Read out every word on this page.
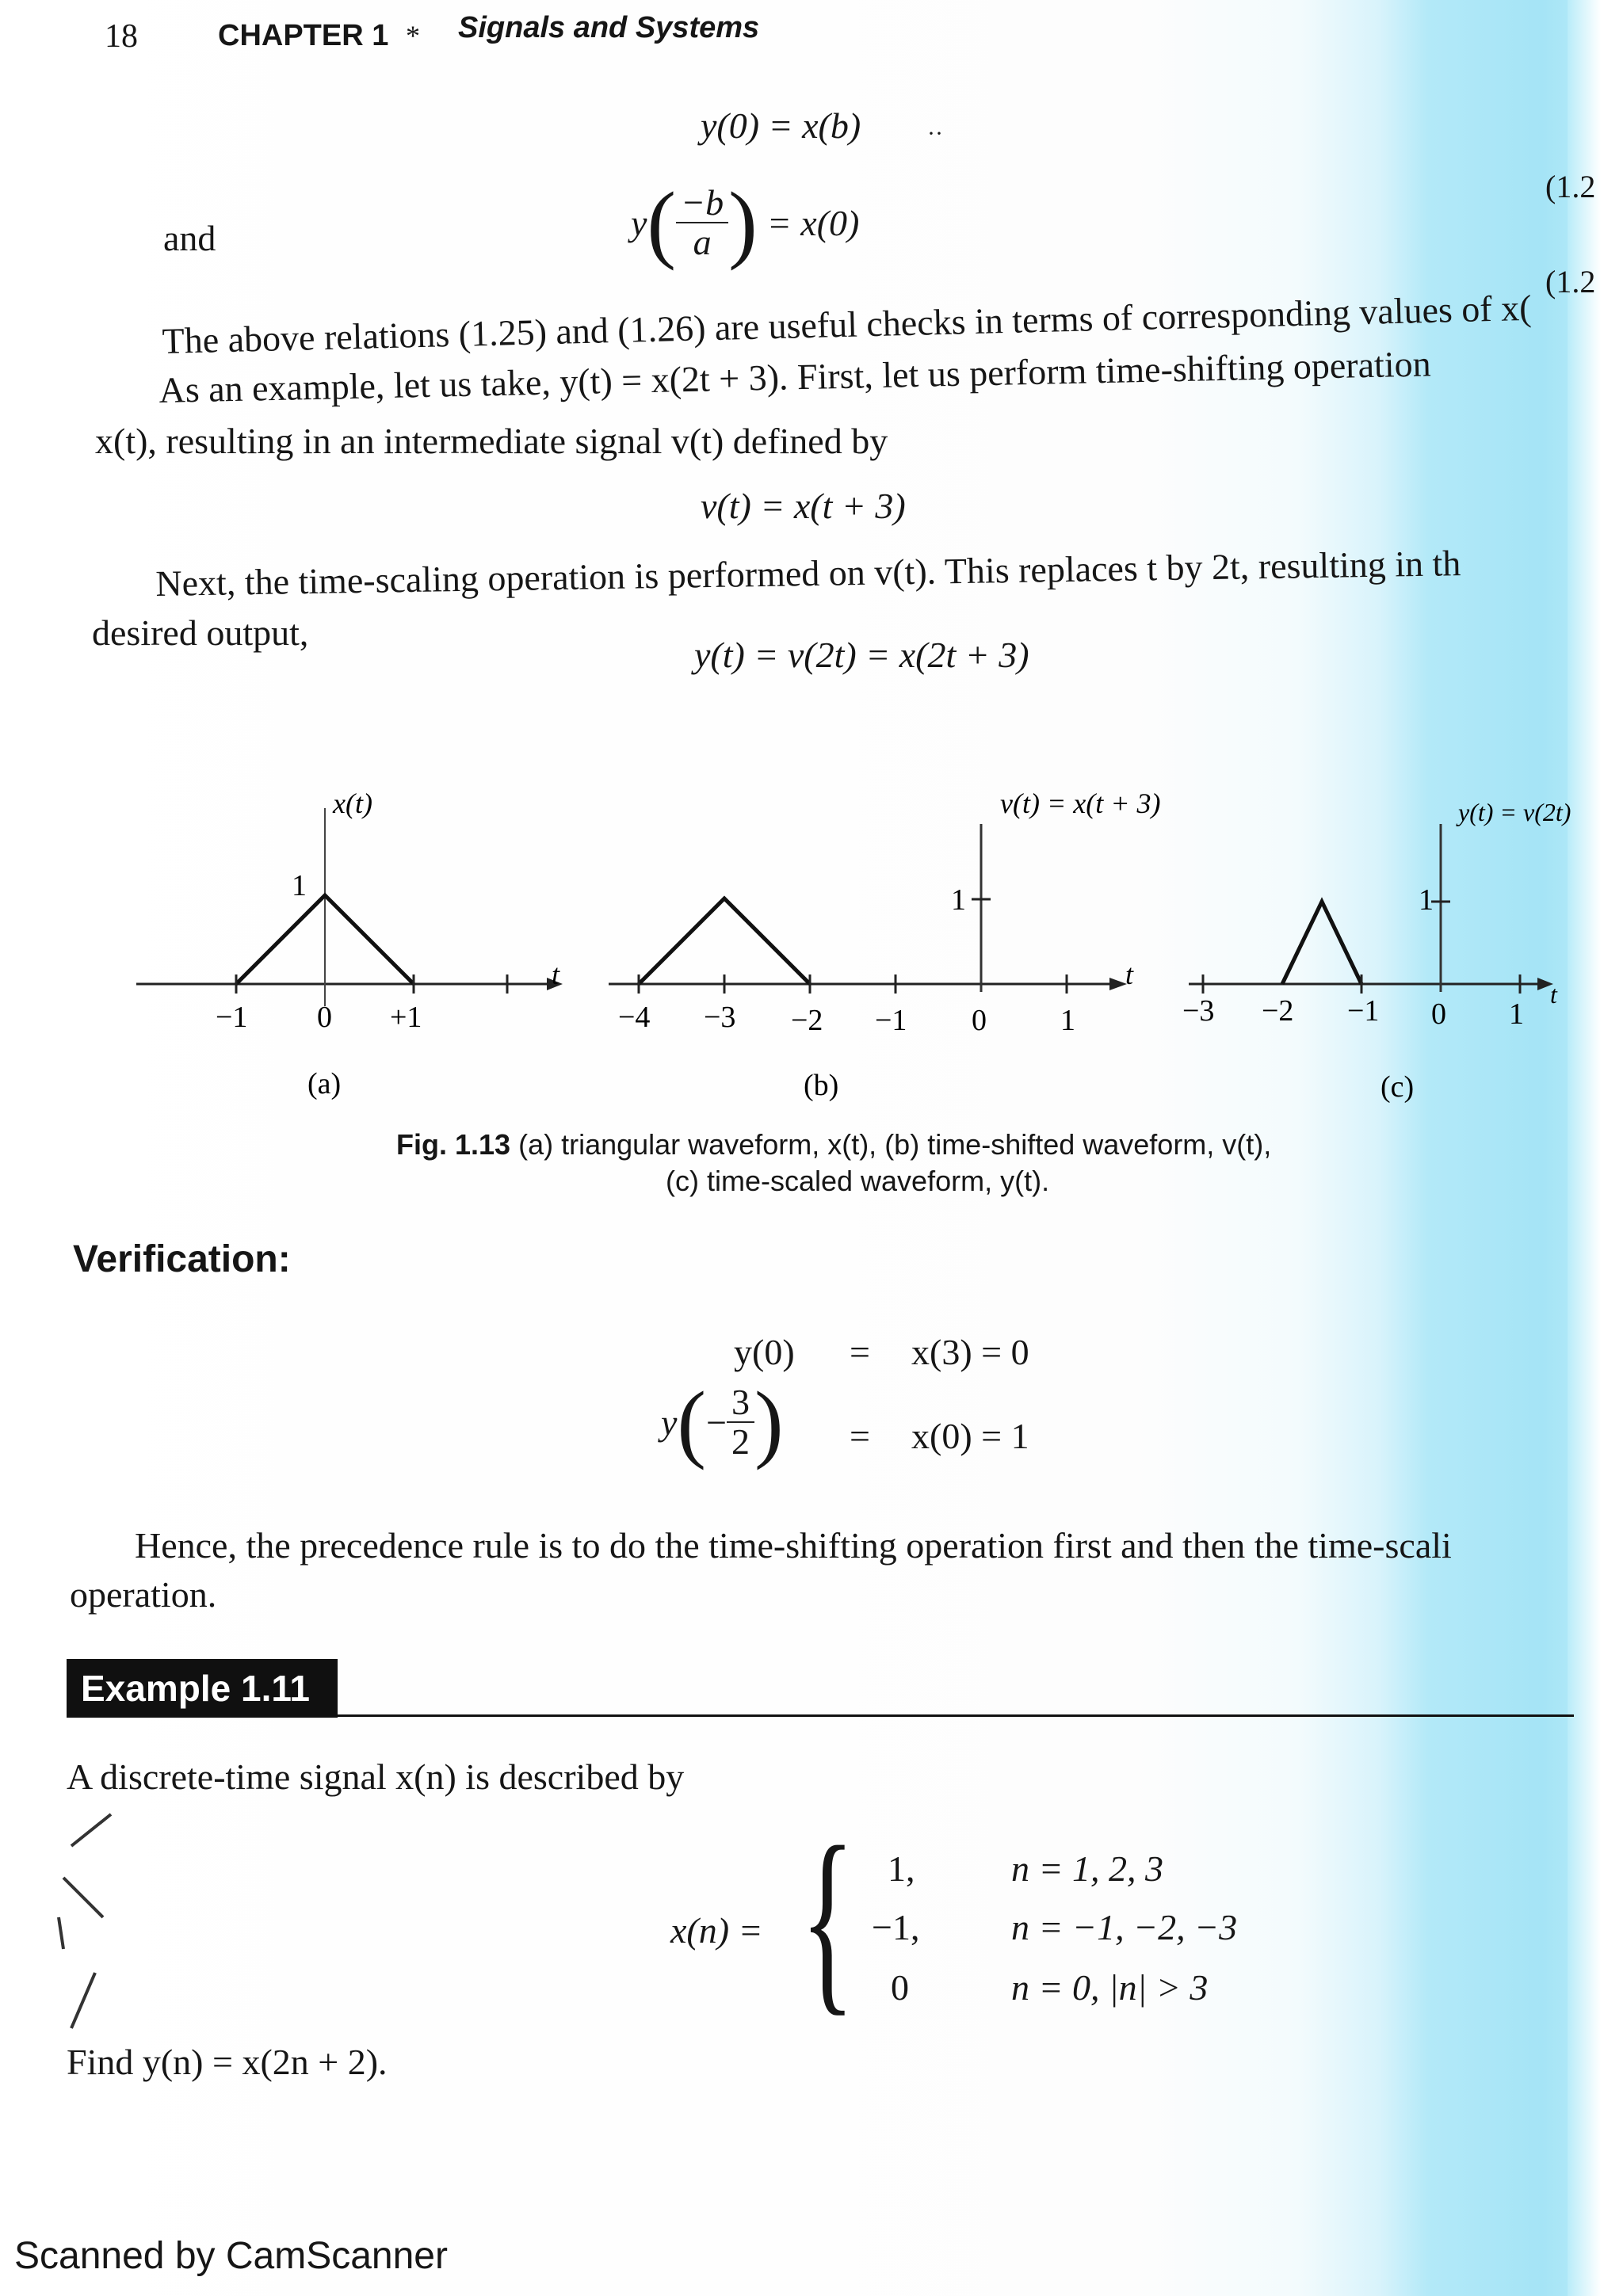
18	CHAPTER 1 * Signals and Systems
y(0) = x(b)	··
(1.2
and	y ( $\frac{-b}{a}$ ) = x(0)
(1.2
The above relations (1.25) and (1.26) are useful checks in terms of corresponding values of x(
As an example, let us take, y(t) = x(2t + 3). First, let us perform time-shifting operation
x(t), resulting in an intermediate signal v(t) defined by
v(t) = x(t + 3)
Next, the time-scaling operation is performed on v(t). This replaces t by 2t, resulting in th
desired output,
y(t) = v(2t) = x(2t + 3)
x(t)
1
t
−1 0 +1
(a)
v(t) = x(t + 3)
1
t
−4 −3 −2 −1 0 1
(b)
y(t) = v(2t)
1
t
−3 −2 −1 0 1
(c)
Fig. 1.13 (a) triangular waveform, x(t), (b) time-shifted waveform, v(t),
(c) time-scaled waveform, y(t).
Verification:
y(0) = x(3) = 0
y ( − $\frac{3}{2}$ ) = x(0) = 1
Hence, the precedence rule is to do the time-shifting operation first and then the time-scali
operation.
Example 1.11
A discrete-time signal x(n) is described by
x(n) = { 1,	n = 1, 2, 3
−1,	n = −1, −2, −3
0	n = 0, |n| > 3
Find y(n) = x(2n + 2).
Scanned by CamScanner
